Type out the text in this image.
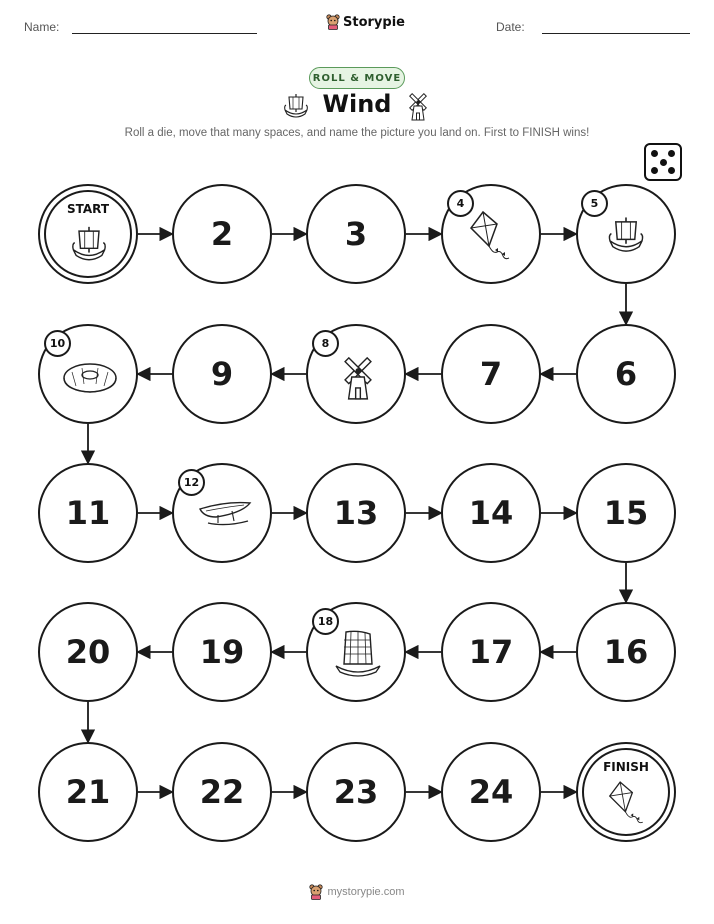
Name:	Storypie	Date:
ROLL & MOVE
Wind
Roll a die, move that many spaces, and name the picture you land on. First to FINISH wins!
START
2	3
4	5
10
9
8
7	6
11
12
13	14	15
20	19
18
17	16
21	22	23	24
FINISH
mystorypie.com
